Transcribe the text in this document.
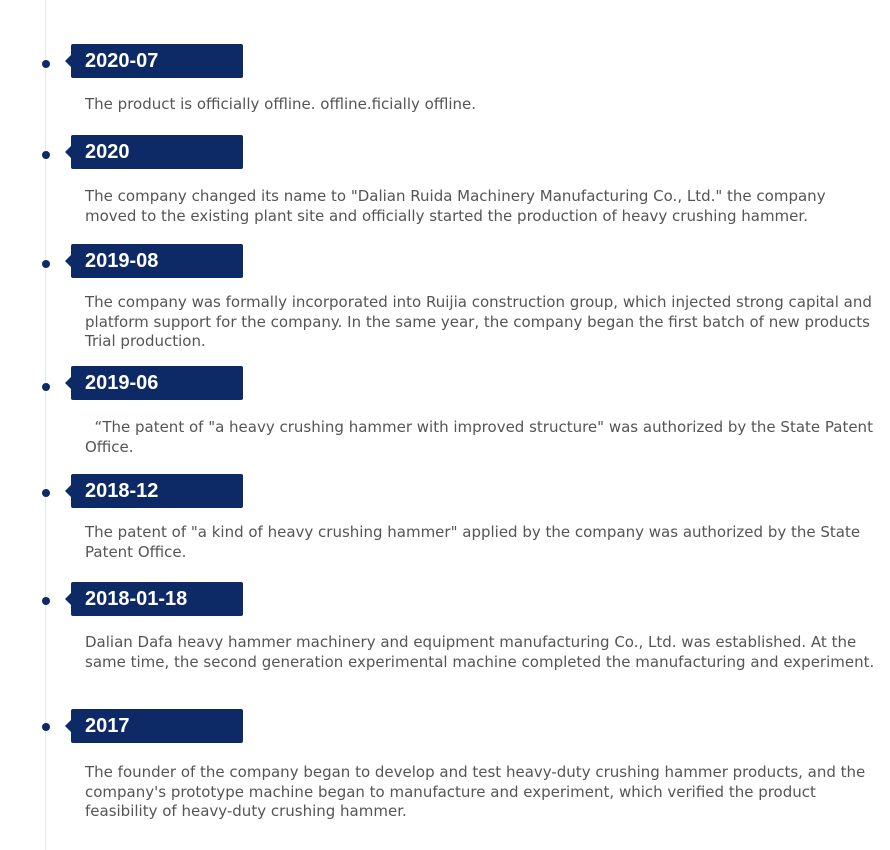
2020-07

The product is officially offline. offline.ficially offline.

2020

The company changed its name to "Dalian Ruida Machinery Manufacturing Co., Ltd." the company moved to the existing plant site and officially started the production of heavy crushing hammer.

2019-08

The company was formally incorporated into Ruijia construction group, which injected strong capital and platform support for the company. In the same year, the company began the first batch of new products Trial production.

2019-06

“The patent of "a heavy crushing hammer with improved structure" was authorized by the State Patent Office.

2018-12

The patent of "a kind of heavy crushing hammer" applied by the company was authorized by the State Patent Office.

2018-01-18

Dalian Dafa heavy hammer machinery and equipment manufacturing Co., Ltd. was established. At the same time, the second generation experimental machine completed the manufacturing and experiment.

2017

The founder of the company began to develop and test heavy-duty crushing hammer products, and the company's prototype machine began to manufacture and experiment, which verified the product feasibility of heavy-duty crushing hammer.
